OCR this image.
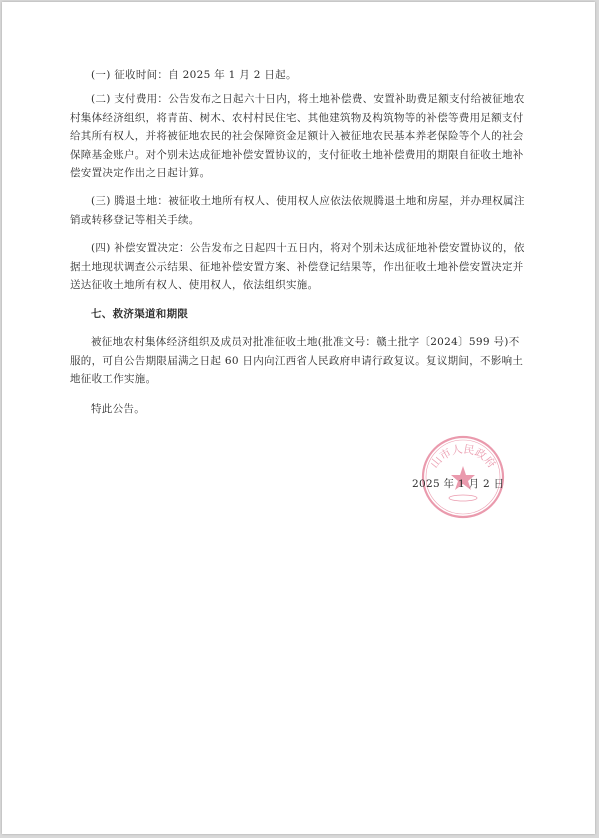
(一) 征收时间：自 2025 年 1 月 2 日起。

(二) 支付费用：公告发布之日起六十日内，将土地补偿费、安置补助费足额支付给被征地农村集体经济组织，将青苗、树木、农村村民住宅、其他建筑物及构筑物等的补偿等费用足额支付给其所有权人，并将被征地农民的社会保障资金足额计入被征地农民基本养老保险等个人的社会保障基金账户。对个别未达成征地补偿安置协议的，支付征收土地补偿费用的期限自征收土地补偿安置决定作出之日起计算。

(三) 腾退土地：被征收土地所有权人、使用权人应依法依规腾退土地和房屋，并办理权属注销或转移登记等相关手续。

(四) 补偿安置决定：公告发布之日起四十五日内，将对个别未达成征地补偿安置协议的，依据土地现状调查公示结果、征地补偿安置方案、补偿登记结果等，作出征收土地补偿安置决定并送达征收土地所有权人、使用权人，依法组织实施。

七、救济渠道和期限

被征地农村集体经济组织及成员对批准征收土地(批准文号：赣土批字〔2024〕599 号)不服的，可自公告期限届满之日起 60 日内向江西省人民政府申请行政复议。复议期间，不影响土地征收工作实施。

特此公告。

山市人民政府
2025 年 1 月 2 日
